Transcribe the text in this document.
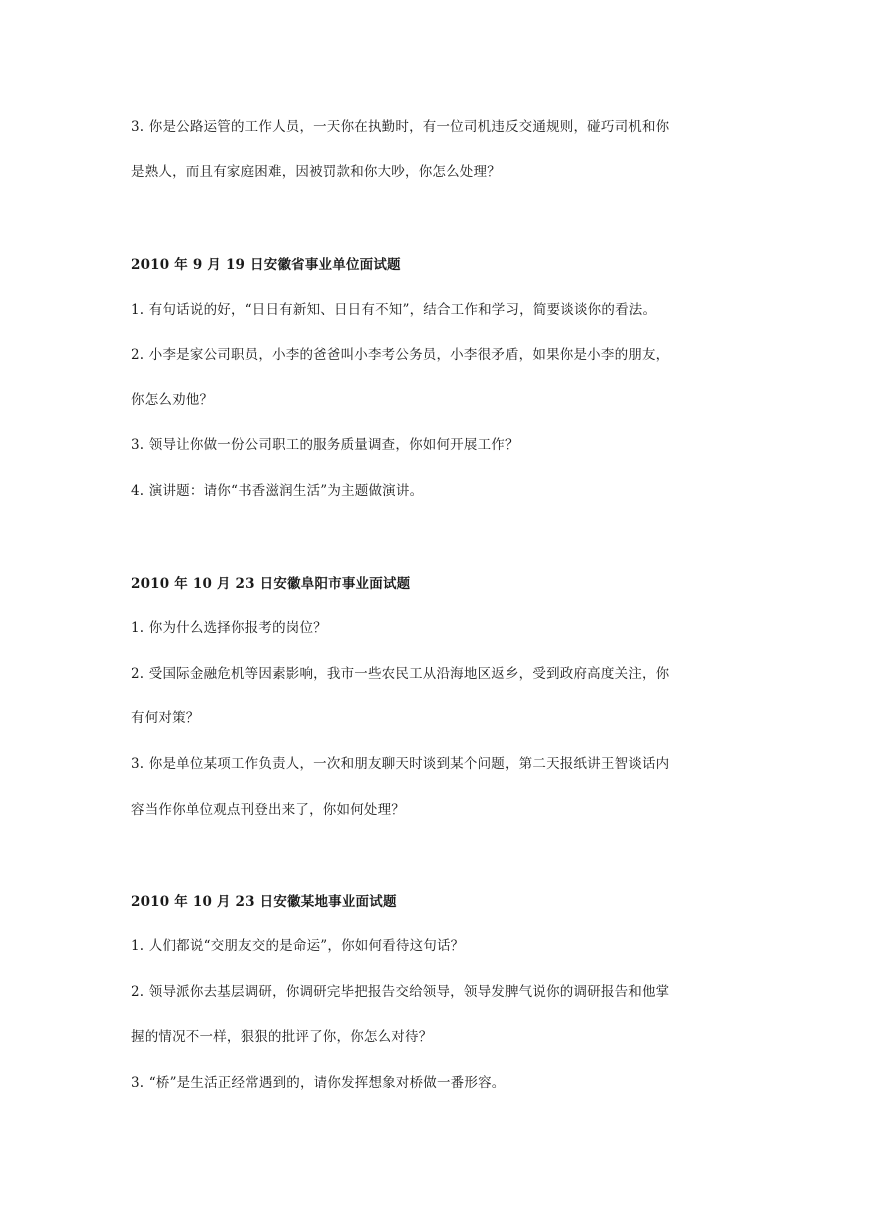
3. 你是公路运管的工作人员，一天你在执勤时，有一位司机违反交通规则，碰巧司机和你
是熟人，而且有家庭困难，因被罚款和你大吵，你怎么处理？
2010 年 9 月 19 日安徽省事业单位面试题
1. 有句话说的好，“日日有新知、日日有不知”，结合工作和学习，简要谈谈你的看法。
2. 小李是家公司职员，小李的爸爸叫小李考公务员，小李很矛盾，如果你是小李的朋友，
你怎么劝他？
3. 领导让你做一份公司职工的服务质量调查，你如何开展工作？
4. 演讲题：请你“书香滋润生活”为主题做演讲。
2010 年 10 月 23 日安徽阜阳市事业面试题
1. 你为什么选择你报考的岗位？
2. 受国际金融危机等因素影响，我市一些农民工从沿海地区返乡，受到政府高度关注，你
有何对策？
3. 你是单位某项工作负责人，一次和朋友聊天时谈到某个问题，第二天报纸讲王智谈话内
容当作你单位观点刊登出来了，你如何处理？
2010 年 10 月 23 日安徽某地事业面试题
1. 人们都说“交朋友交的是命运”，你如何看待这句话？
2. 领导派你去基层调研，你调研完毕把报告交给领导，领导发脾气说你的调研报告和他掌
握的情况不一样，狠狠的批评了你，你怎么对待？
3. “桥”是生活正经常遇到的，请你发挥想象对桥做一番形容。
